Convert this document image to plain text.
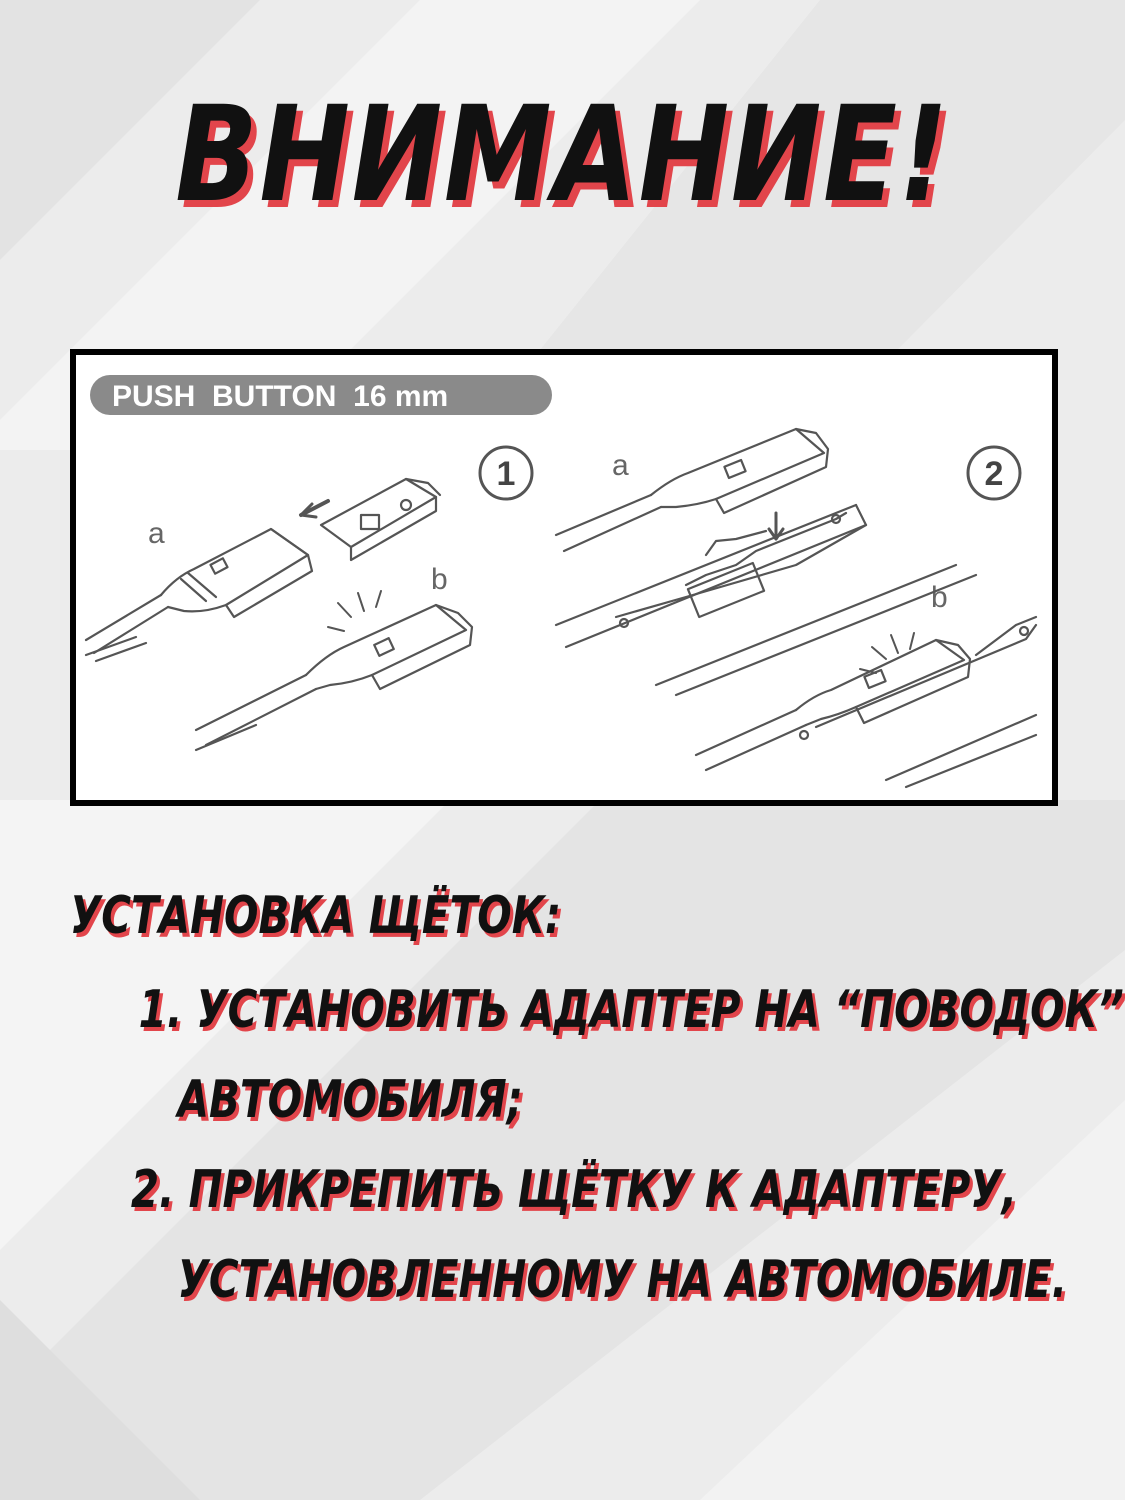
ВНИМАНИЕ!
PUSH  BUTTON  16 mm
1	2
a
b
a
b
УСТАНОВКА ЩЁТОК:
1. УСТАНОВИТЬ АДАПТЕР НА “ПОВОДОК”
АВТОМОБИЛЯ;
2. ПРИКРЕПИТЬ ЩЁТКУ К АДАПТЕРУ,
УСТАНОВЛЕННОМУ НА АВТОМОБИЛЕ.
